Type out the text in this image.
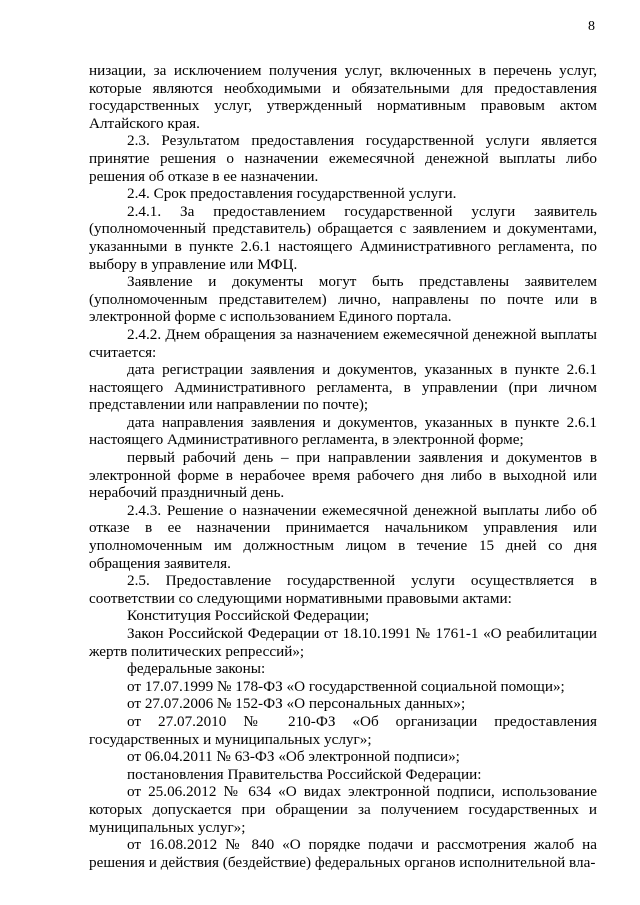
8

низации, за исключением получения услуг, включенных в перечень услуг, которые являются необходимыми и обязательными для предоставления государственных услуг, утвержденный нормативным правовым актом Алтайского края.

2.3. Результатом предоставления государственной услуги является принятие решения о назначении ежемесячной денежной выплаты либо решения об отказе в ее назначении.

2.4. Срок предоставления государственной услуги.

2.4.1. За предоставлением государственной услуги заявитель (уполномоченный представитель) обращается с заявлением и документами, указанными в пункте 2.6.1 настоящего Административного регламента, по выбору в управление или МФЦ.

Заявление и документы могут быть представлены заявителем (уполномоченным представителем) лично, направлены по почте или в электронной форме с использованием Единого портала.

2.4.2. Днем обращения за назначением ежемесячной денежной выплаты считается:

дата регистрации заявления и документов, указанных в пункте 2.6.1 настоящего Административного регламента, в управлении (при личном представлении или направлении по почте);

дата направления заявления и документов, указанных в пункте 2.6.1 настоящего Административного регламента, в электронной форме;

первый рабочий день – при направлении заявления и документов в электронной форме в нерабочее время рабочего дня либо в выходной или нерабочий праздничный день.

2.4.3. Решение о назначении ежемесячной денежной выплаты либо об отказе в ее назначении принимается начальником управления или уполномоченным им должностным лицом в течение 15 дней со дня обращения заявителя.

2.5. Предоставление государственной услуги осуществляется в соответствии со следующими нормативными правовыми актами:

Конституция Российской Федерации;

Закон Российской Федерации от 18.10.1991 № 1761-1 «О реабилитации жертв политических репрессий»;

федеральные законы:

от 17.07.1999 № 178-ФЗ «О государственной социальной помощи»;

от 27.07.2006 № 152-ФЗ «О персональных данных»;

от 27.07.2010 № 210-ФЗ «Об организации предоставления государственных и муниципальных услуг»;

от 06.04.2011 № 63-ФЗ «Об электронной подписи»;

постановления Правительства Российской Федерации:

от 25.06.2012 № 634 «О видах электронной подписи, использование которых допускается при обращении за получением государственных и муниципальных услуг»;

от 16.08.2012 № 840 «О порядке подачи и рассмотрения жалоб на решения и действия (бездействие) федеральных органов исполнительной вла-
